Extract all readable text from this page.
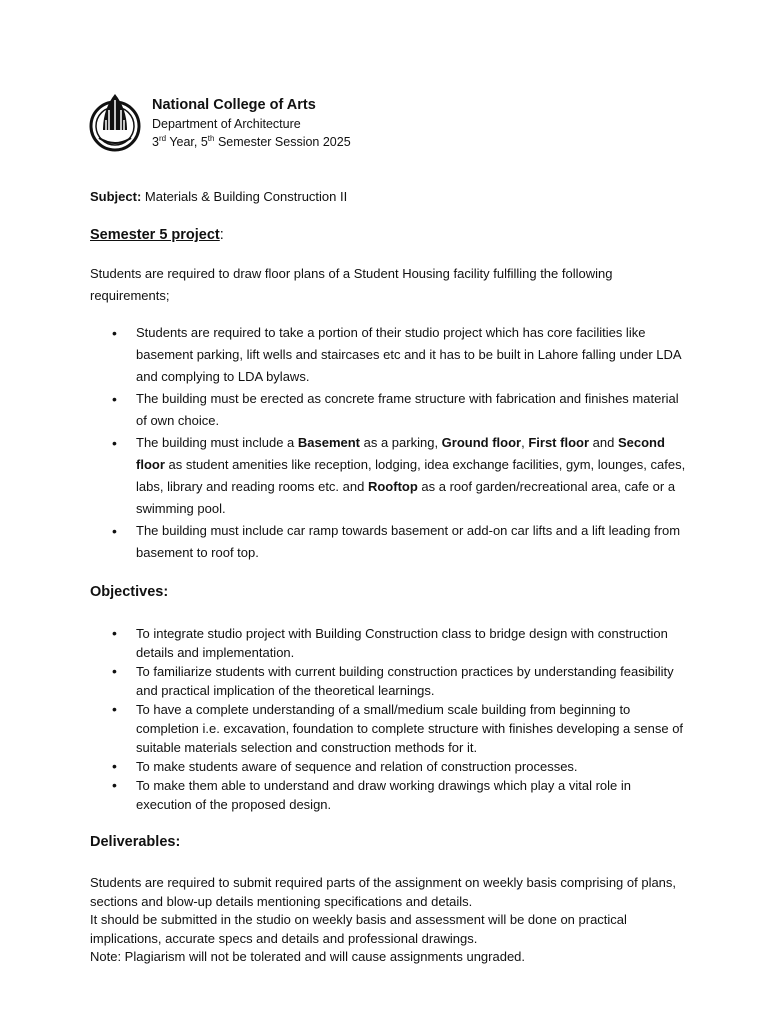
National College of Arts
Department of Architecture
3rd Year, 5th Semester Session 2025
Subject: Materials & Building Construction II
Semester 5 project:
Students are required to draw floor plans of a Student Housing facility fulfilling the following requirements;
• Students are required to take a portion of their studio project which has core facilities like basement parking, lift wells and staircases etc and it has to be built in Lahore falling under LDA and complying to LDA bylaws.
• The building must be erected as concrete frame structure with fabrication and finishes material of own choice.
• The building must include a Basement as a parking, Ground floor, First floor and Second floor as student amenities like reception, lodging, idea exchange facilities, gym, lounges, cafes, labs, library and reading rooms etc. and Rooftop as a roof garden/recreational area, cafe or a swimming pool.
• The building must include car ramp towards basement or add-on car lifts and a lift leading from basement to roof top.
Objectives:
• To integrate studio project with Building Construction class to bridge design with construction details and implementation.
• To familiarize students with current building construction practices by understanding feasibility and practical implication of the theoretical learnings.
• To have a complete understanding of a small/medium scale building from beginning to completion i.e. excavation, foundation to complete structure with finishes developing a sense of suitable materials selection and construction methods for it.
• To make students aware of sequence and relation of construction processes.
• To make them able to understand and draw working drawings which play a vital role in execution of the proposed design.
Deliverables:

Students are required to submit required parts of the assignment on weekly basis comprising of plans, sections and blow-up details mentioning specifications and details.

It should be submitted in the studio on weekly basis and assessment will be done on practical implications, accurate specs and details and professional drawings.

Note: Plagiarism will not be tolerated and will cause assignments ungraded.
